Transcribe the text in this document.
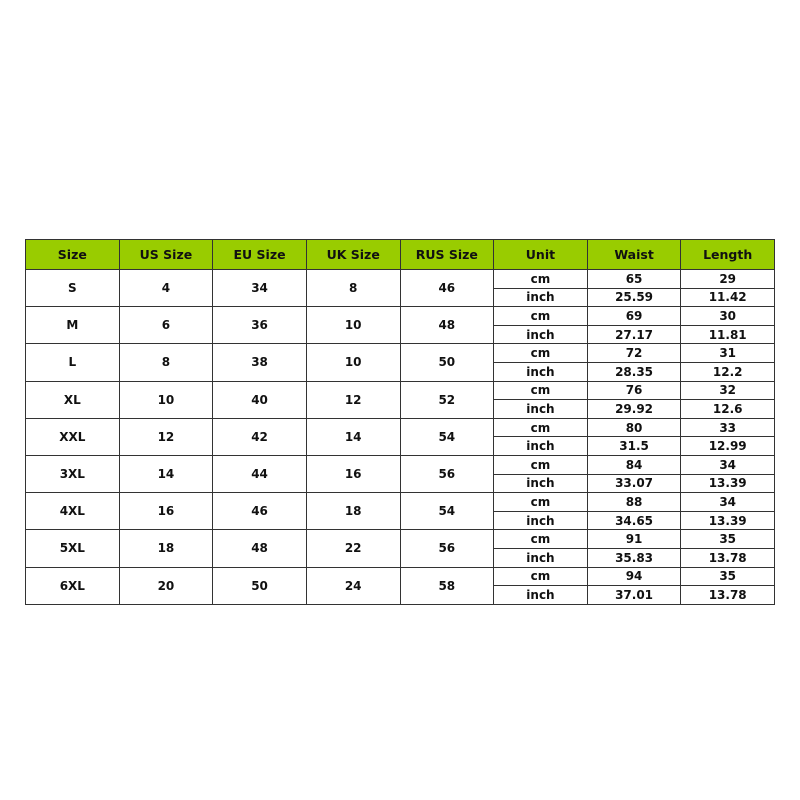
Size	US Size	EU Size	UK Size	RUS Size	Unit	Waist	Length
S	4	34	8	46	cm	65	29
					inch	25.59	11.42
M	6	36	10	48	cm	69	30
					inch	27.17	11.81
L	8	38	10	50	cm	72	31
					inch	28.35	12.2
XL	10	40	12	52	cm	76	32
					inch	29.92	12.6
XXL	12	42	14	54	cm	80	33
					inch	31.5	12.99
3XL	14	44	16	56	cm	84	34
					inch	33.07	13.39
4XL	16	46	18	54	cm	88	34
					inch	34.65	13.39
5XL	18	48	22	56	cm	91	35
					inch	35.83	13.78
6XL	20	50	24	58	cm	94	35
					inch	37.01	13.78
